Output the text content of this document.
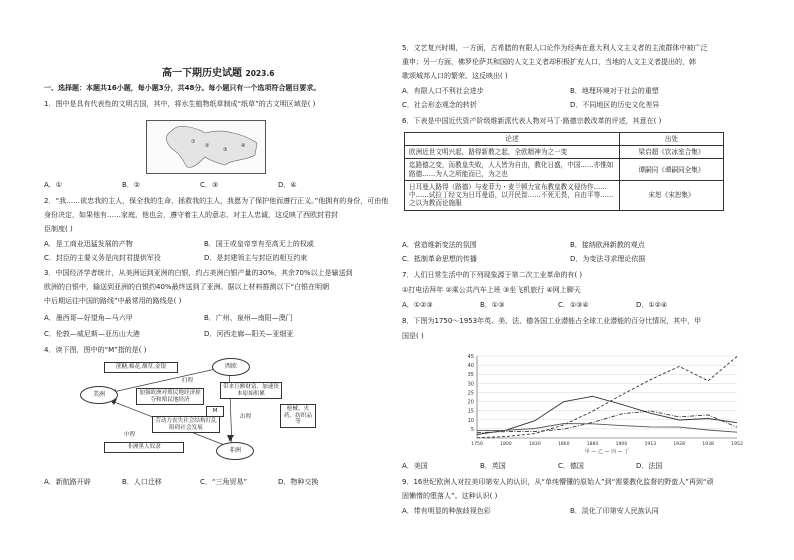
高一下期历史试题 2023.6
一、选择题：本题共16小题，每小题3分，共48分。每小题只有一个选项符合题目要求。
1．图中是具有代表性的文明古国，其中，将水生植物纸草制成“纸草”的古文明区域是( )
①
②
③
④
A．①	B．②	C．③	D．④
2．“我……欲忠我的主人，保全我的生命，拯救我的主人，我愿为了保护他而遵行正义。”他拥有的身份，可由他
身份决定，如果他有……家庭，他也会，遵守着主人的意志，对主人忠诚，这反映了西欧封君封
臣制度( )
A．是工商业迅猛发展的产物	B．国王或皇帝享有至高无上的权威
C．封臣的主要义务是向封君提供军役	D．是封建领主与封臣的相互约束
3．中国经济学者统计，从美洲运到亚洲的白银，约占美洲白银产量的30%，其余70%以上是输送到
欧洲的白银中，输送到亚洲的白银约40%最终送到了亚洲。据以上材料推测以下“白银在明朝
中后期运往中国的路线”中最常用的路线是( )
A．墨西哥—好望角—马六甲	B．广州、泉州—南阳—澳门
C．伦敦—威尼斯—亚历山大港	D．河西走廊—阳关—亚细亚
4．读下图，图中的“M”指的是( )
美洲
西欧
非洲
蔗糖,棉花,烟草,金银
归程
带来巨额财富，加速资本原始积累
加强欧洲对殖民地经济掠夺和殖民地经济
M
中程
非洲黑人奴隶
劳动力丧失社会结构打乱阻碍社会发展
出程
枪械、火药、纺织品等
A．新航路开辟	B．人口迁移	C．“三角贸易”	D．物种交换
5．文艺复兴时期，一方面，古希腊的有限人口论作为经典在意大利人文主义者的主流群体中被广泛
重申；另一方面，佛罗伦萨共和国的人文主义者却积极扩充人口，当地的人文主义者提出的，韩
歌颂城邦人口的繁荣。这反映出( )
A．有限人口不利社会进步	B．地理环境对于社会的重塑
C．社会形态观念的转折	D．不同地区的历史文化差异
6．下表是中国近代资产阶级维新派代表人物对马丁·路德宗教改革的评述，其意在( )
论述	出处
欧洲近世文明兴起，路得新教之起，全欧精神为之一变	梁启超《饮冰室合集》
迄路德之变，而教皇失败，人人皆为自由，教化日盛，中国……亦惟如路德……为人之所能而已，为之也	谭嗣同《谭嗣同全集》
日耳曼人路得（路德）与麦菲力・麦兰顿力宣布教皇教义侵伪作……中……试拉丁经文为日耳曼语，以开民智……不死无畏，自由平等……之以为教而论施服	宋恕《宋恕集》
A．营造维新变法的氛围	B．接纳欧洲新教的观点
C．抵制革命思想的传播	D．为变法寻求理论依据
7．人们日常生活中的下列现象源于第二次工业革命的有( )
①打电话拜年 ②乘公共汽车上班 ③坐飞机旅行 ④网上聊天
A．①②③	B．①③	C．①③④	D．①②④
8．下图为1750～1953年英、美、法、德各国工业潜能占全球工业潜能的百分比情况，其中，甲
国是( )
5
10
15
20
25
30
35
40
45
1750	1800	1830	1860	1880	1900	1913	1928	1938	1953
甲 — 乙 — 丙 — 丁
A．美国	B．英国	C．德国	D．法国
9．16世纪欧洲人对拉美印第安人的认识，从“单纯懵懂的原始人”到“需要教化监督的野蛮人”再到“顽
固懒惰的堕落人”。这种认识( )
A．带有明显的种族歧视色彩	B．淡化了印第安人民族认同
